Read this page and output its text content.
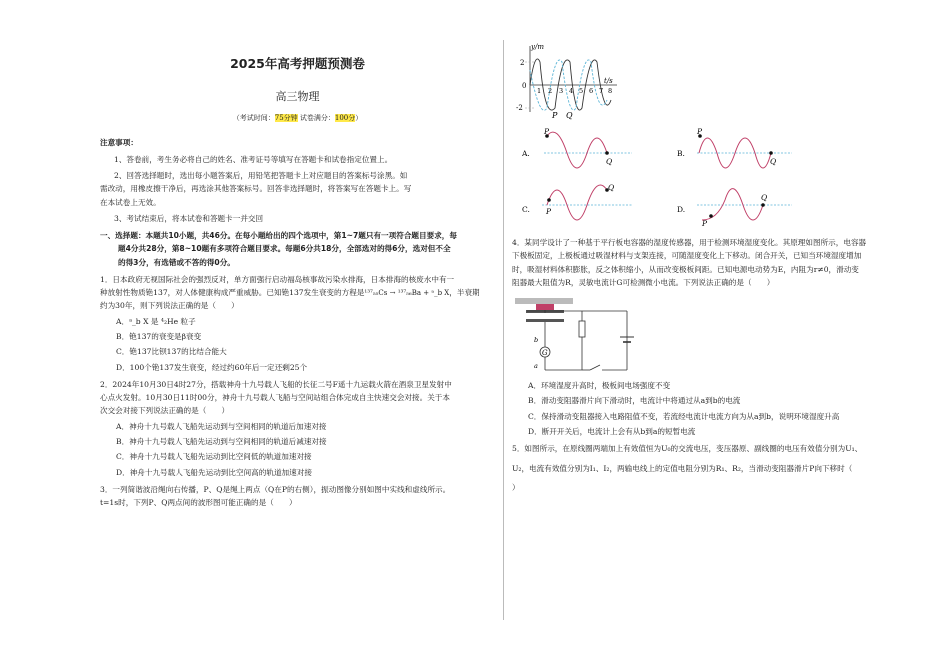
2025年高考押题预测卷
高三物理
（考试时间：75分钟 试卷满分：100分）
注意事项：
1、答卷前，考生务必将自己的姓名、准考证号等填写在答题卡和试卷指定位置上。
2、回答选择题时，选出每小题答案后，用铅笔把答题卡上对应题目的答案标号涂黑。如
需改动，用橡皮擦干净后，再选涂其他答案标号。回答非选择题时，将答案写在答题卡上。写
在本试卷上无效。
3、考试结束后，将本试卷和答题卡一并交回
一、选择题：本题共10小题，共46分。在每小题给出的四个选项中，第1~7题只有一项符合题目要求，每
题4分共28分，第8~10题有多项符合题目要求。每题6分共18分，全部选对的得6分，选对但不全
的得3分，有选错或不答的得0分。
1．日本政府无视国际社会的强烈反对，单方面强行启动福岛核事故污染水排海，日本排海的核废水中有一
种放射性物质铯137，对人体健康构成严重威胁。已知铯137发生衰变的方程是¹³⁷₅₅Cs → ¹³⁷₅₆Ba + ᵃ_b X，半衰期
约为30年，则下列说法正确的是（　　）
A．ᵃ_b X 是 ⁴₂He 粒子
B．铯137的衰变是β衰变
C．铯137比钡137的比结合能大
D．100个铯137发生衰变，经过约60年后一定还剩25个
2．2024年10月30日4时27分，搭载神舟十九号载人飞船的长征二号F遥十九运载火箭在酒泉卫星发射中
心点火发射。10月30日11时00分，神舟十九号载人飞船与空间站组合体完成自主快速交会对接。关于本
次交会对接下列说法正确的是（　　）
A．神舟十九号载人飞船先运动到与空间相同的轨道后加速对接
B．神舟十九号载人飞船先运动到与空间相同的轨道后减速对接
C．神舟十九号载人飞船先运动到比空间低的轨道加速对接
D．神舟十九号载人飞船先运动到比空间高的轨道加速对接
3．一列简谐波沿绳向右传播，P、Q是绳上两点（Q在P的右侧），振动图像分别如图中实线和虚线所示。
t=1s时，下列P、Q两点间的波形图可能正确的是（　　）
y/m
2
0
-2
1 2 3 4 5 6 7 8
t/s
P Q
A.
P
Q
B.
P
Q
C. P
Q
D.
P
Q
4．某同学设计了一种基于平行板电容器的湿度传感器，用于检测环境湿度变化。其原理如图所示，电容器
下极板固定，上极板通过吸湿材料与支架连接，可随湿度变化上下移动。闭合开关，已知当环境湿度增加
时，吸湿材料体积膨胀，反之体积缩小，从而改变极板间距。已知电源电动势为E，内阻为r≠0，滑动变
阻器最大阻值为R，灵敏电流计G可检测微小电流。下列说法正确的是（　　）
G
b
a
A．环境湿度升高时，极板间电场强度不变
B．滑动变阻器滑片向下滑动时，电流计中将通过从a到b的电流
C．保持滑动变阻器接入电路阻值不变，若流经电流计电流方向为从a到b，说明环境湿度升高
D．断开开关后，电流计上会有从b到a的短暂电流
5．如图所示，在原线圈两端加上有效值恒为U₀的交流电压，变压器原、副线圈的电压有效值分别为U₁、
U₂，电流有效值分别为I₁、I₂，两输电线上的定值电阻分别为R₁、R₂，当滑动变阻器滑片P向下移时（
）
